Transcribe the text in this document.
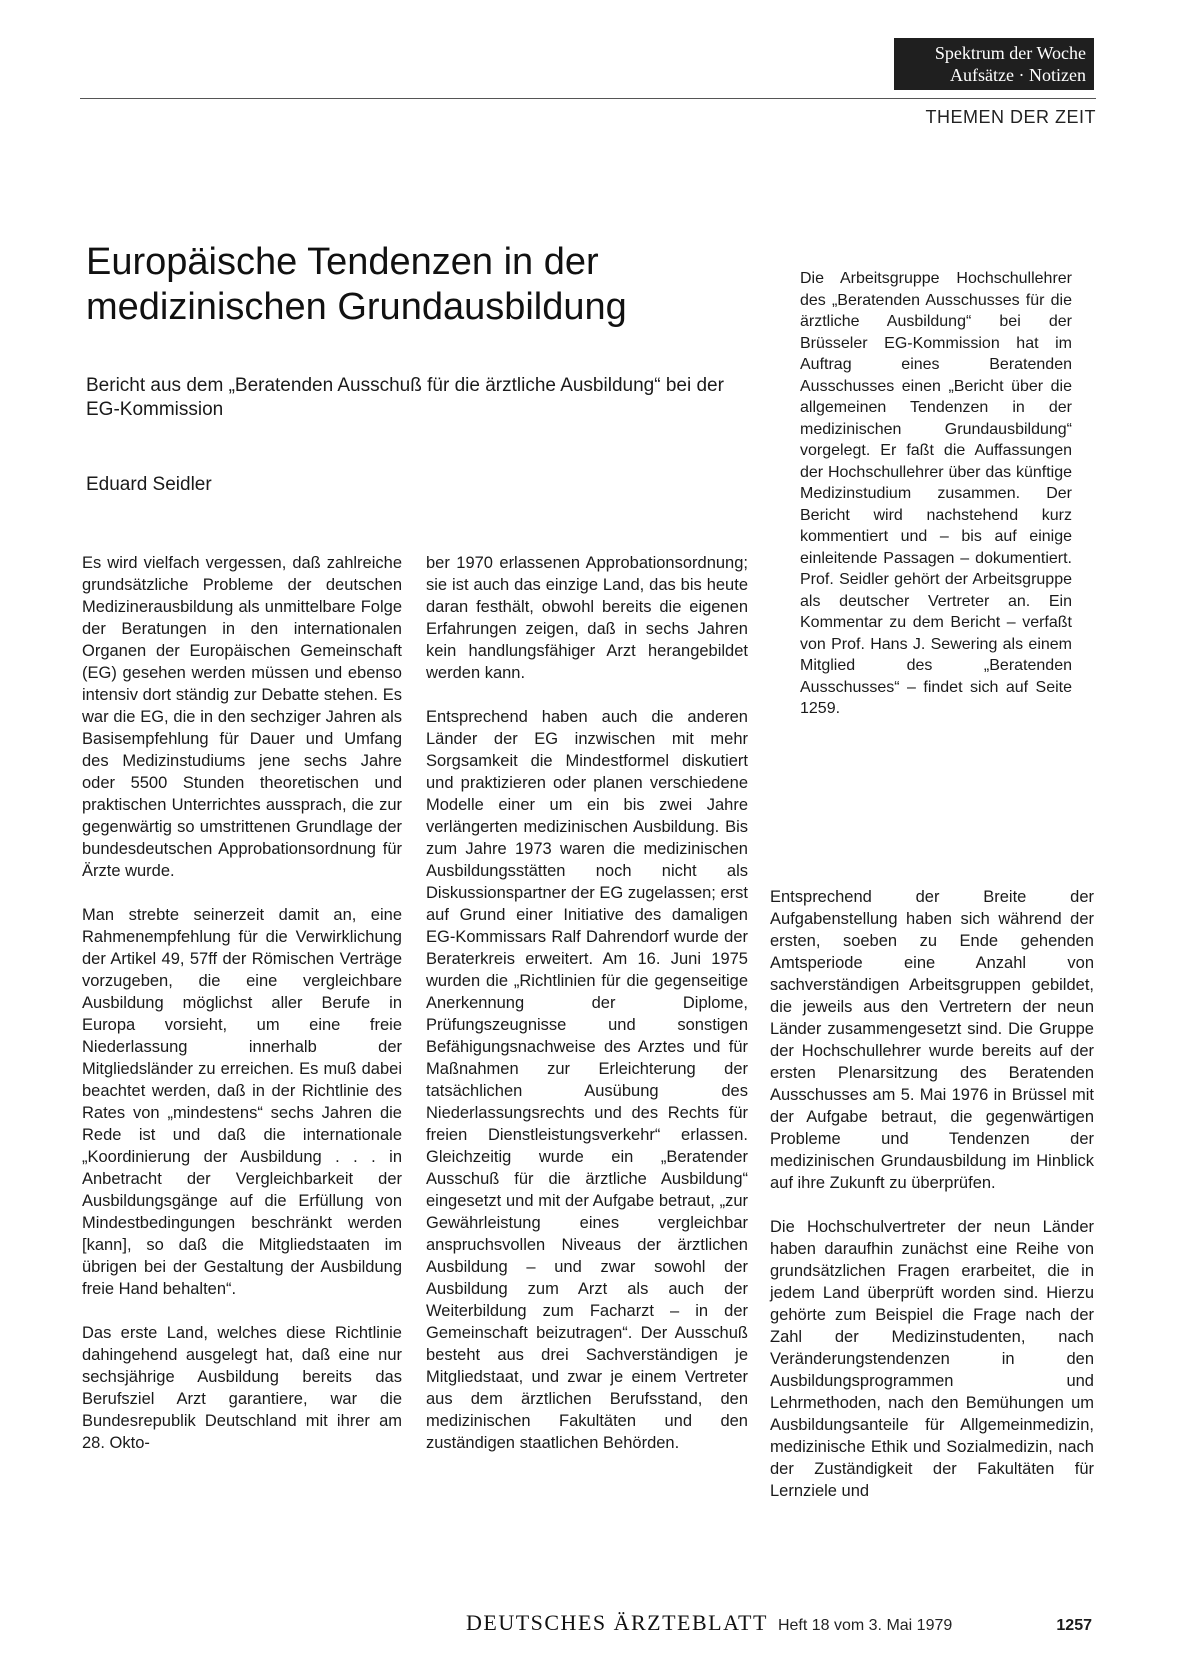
Spektrum der Woche
Aufsätze · Notizen
THEMEN DER ZEIT
Europäische Tendenzen in der medizinischen Grundausbildung

Bericht aus dem „Beratenden Ausschuß für die ärztliche Ausbildung“ bei der EG-Kommission

Eduard Seidler

Die Arbeitsgruppe Hochschullehrer des „Beratenden Ausschusses für die ärztliche Ausbildung“ bei der Brüsseler EG-Kommission hat im Auftrag eines Beratenden Ausschusses einen „Bericht über die allgemeinen Tendenzen in der medizinischen Grundausbildung“ vorgelegt. Er faßt die Auffassungen der Hochschullehrer über das künftige Medizinstudium zusammen. Der Bericht wird nachstehend kurz kommentiert und – bis auf einige einleitende Passagen – dokumentiert. Prof. Seidler gehört der Arbeitsgruppe als deutscher Vertreter an. Ein Kommentar zu dem Bericht – verfaßt von Prof. Hans J. Sewering als einem Mitglied des „Beratenden Ausschusses“ – findet sich auf Seite 1259.

Es wird vielfach vergessen, daß zahlreiche grundsätzliche Probleme der deutschen Medizinerausbildung als unmittelbare Folge der Beratungen in den internationalen Organen der Europäischen Gemeinschaft (EG) gesehen werden müssen und ebenso intensiv dort ständig zur Debatte stehen. Es war die EG, die in den sechziger Jahren als Basisempfehlung für Dauer und Umfang des Medizinstudiums jene sechs Jahre oder 5500 Stunden theoretischen und praktischen Unterrichtes aussprach, die zur gegenwärtig so umstrittenen Grundlage der bundesdeutschen Approbationsordnung für Ärzte wurde.

Man strebte seinerzeit damit an, eine Rahmenempfehlung für die Verwirklichung der Artikel 49, 57ff der Römischen Verträge vorzugeben, die eine vergleichbare Ausbildung möglichst aller Berufe in Europa vorsieht, um eine freie Niederlassung innerhalb der Mitgliedsländer zu erreichen. Es muß dabei beachtet werden, daß in der Richtlinie des Rates von „mindestens“ sechs Jahren die Rede ist und daß die internationale „Koordinierung der Ausbildung . . . in Anbetracht der Vergleichbarkeit der Ausbildungsgänge auf die Erfüllung von Mindestbedingungen beschränkt werden [kann], so daß die Mitgliedstaaten im übrigen bei der Gestaltung der Ausbildung freie Hand behalten“.

Das erste Land, welches diese Richtlinie dahingehend ausgelegt hat, daß eine nur sechsjährige Ausbildung bereits das Berufsziel Arzt garantiere, war die Bundesrepublik Deutschland mit ihrer am 28. Okto-

ber 1970 erlassenen Approbationsordnung; sie ist auch das einzige Land, das bis heute daran festhält, obwohl bereits die eigenen Erfahrungen zeigen, daß in sechs Jahren kein handlungsfähiger Arzt herangebildet werden kann.

Entsprechend haben auch die anderen Länder der EG inzwischen mit mehr Sorgsamkeit die Mindestformel diskutiert und praktizieren oder planen verschiedene Modelle einer um ein bis zwei Jahre verlängerten medizinischen Ausbildung. Bis zum Jahre 1973 waren die medizinischen Ausbildungsstätten noch nicht als Diskussionspartner der EG zugelassen; erst auf Grund einer Initiative des damaligen EG-Kommissars Ralf Dahrendorf wurde der Beraterkreis erweitert. Am 16. Juni 1975 wurden die „Richtlinien für die gegenseitige Anerkennung der Diplome, Prüfungszeugnisse und sonstigen Befähigungsnachweise des Arztes und für Maßnahmen zur Erleichterung der tatsächlichen Ausübung des Niederlassungsrechts und des Rechts für freien Dienstleistungsverkehr“ erlassen. Gleichzeitig wurde ein „Beratender Ausschuß für die ärztliche Ausbildung“ eingesetzt und mit der Aufgabe betraut, „zur Gewährleistung eines vergleichbar anspruchsvollen Niveaus der ärztlichen Ausbildung – und zwar sowohl der Ausbildung zum Arzt als auch der Weiterbildung zum Facharzt – in der Gemeinschaft beizutragen“. Der Ausschuß besteht aus drei Sachverständigen je Mitgliedstaat, und zwar je einem Vertreter aus dem ärztlichen Berufsstand, den medizinischen Fakultäten und den zuständigen staatlichen Behörden.

Entsprechend der Breite der Aufgabenstellung haben sich während der ersten, soeben zu Ende gehenden Amtsperiode eine Anzahl von sachverständigen Arbeitsgruppen gebildet, die jeweils aus den Vertretern der neun Länder zusammengesetzt sind. Die Gruppe der Hochschullehrer wurde bereits auf der ersten Plenarsitzung des Beratenden Ausschusses am 5. Mai 1976 in Brüssel mit der Aufgabe betraut, die gegenwärtigen Probleme und Tendenzen der medizinischen Grundausbildung im Hinblick auf ihre Zukunft zu überprüfen.

Die Hochschulvertreter der neun Länder haben daraufhin zunächst eine Reihe von grundsätzlichen Fragen erarbeitet, die in jedem Land überprüft worden sind. Hierzu gehörte zum Beispiel die Frage nach der Zahl der Medizinstudenten, nach Veränderungstendenzen in den Ausbildungsprogrammen und Lehrmethoden, nach den Bemühungen um Ausbildungsanteile für Allgemeinmedizin, medizinische Ethik und Sozialmedizin, nach der Zuständigkeit der Fakultäten für Lernziele und

DEUTSCHES ÄRZTEBLATT Heft 18 vom 3. Mai 1979	1257
